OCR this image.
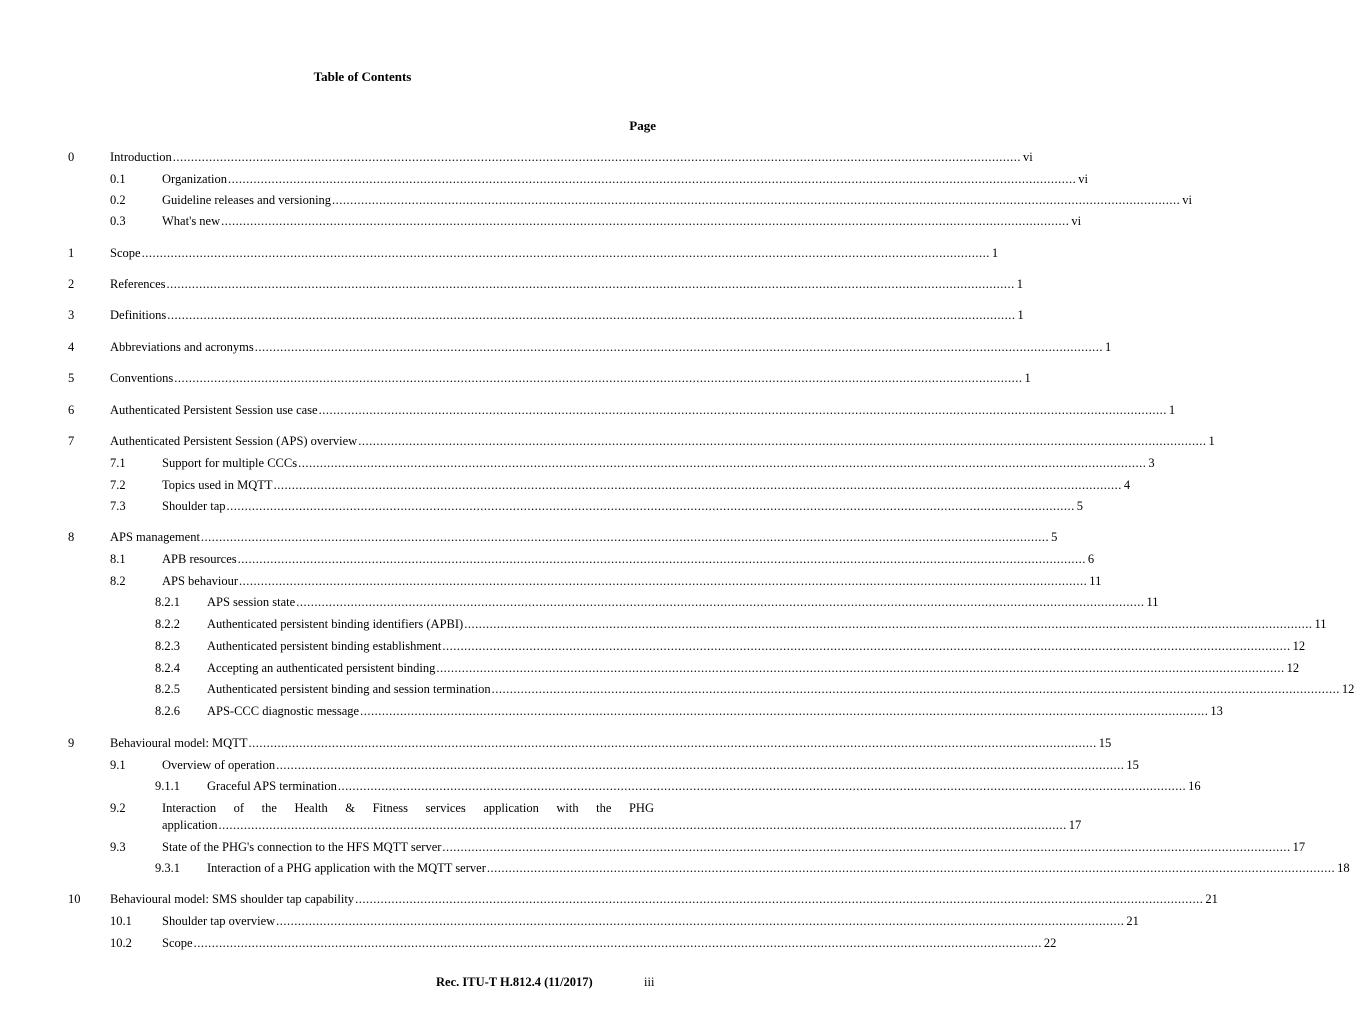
Table of Contents
Page
0	Introduction .......................................................................................................................................................................................................................................... vi
0.1	Organization .......................................................................................................................................................................................................................................... vi
0.2	Guideline releases and versioning .......................................................................................................................................................................................................................................... vi
0.3	What's new .......................................................................................................................................................................................................................................... vi
1	Scope .......................................................................................................................................................................................................................................... 1
2	References .......................................................................................................................................................................................................................................... 1
3	Definitions .......................................................................................................................................................................................................................................... 1
4	Abbreviations and acronyms .......................................................................................................................................................................................................................................... 1
5	Conventions .......................................................................................................................................................................................................................................... 1
6	Authenticated Persistent Session use case .......................................................................................................................................................................................................................................... 1
7	Authenticated Persistent Session (APS) overview .......................................................................................................................................................................................................................................... 1
7.1	Support for multiple CCCs .......................................................................................................................................................................................................................................... 3
7.2	Topics used in MQTT .......................................................................................................................................................................................................................................... 4
7.3	Shoulder tap .......................................................................................................................................................................................................................................... 5
8	APS management .......................................................................................................................................................................................................................................... 5
8.1	APB resources .......................................................................................................................................................................................................................................... 6
8.2	APS behaviour .......................................................................................................................................................................................................................................... 11
8.2.1 APS session state .......................................................................................................................................................................................................................................... 11
8.2.2 Authenticated persistent binding identifiers (APBI) .......................................................................................................................................................................................................................................... 11
8.2.3 Authenticated persistent binding establishment .......................................................................................................................................................................................................................................... 12
8.2.4 Accepting an authenticated persistent binding .......................................................................................................................................................................................................................................... 12
8.2.5 Authenticated persistent binding and session termination .......................................................................................................................................................................................................................................... 12
8.2.6 APS-CCC diagnostic message .......................................................................................................................................................................................................................................... 13
9	Behavioural model: MQTT .......................................................................................................................................................................................................................................... 15
9.1	Overview of operation .......................................................................................................................................................................................................................................... 15
9.1.1 Graceful APS termination .......................................................................................................................................................................................................................................... 16
9.2	Interaction of the Health & Fitness services application with the PHG
application .......................................................................................................................................................................................................................................... 17
9.3	State of the PHG's connection to the HFS MQTT server .......................................................................................................................................................................................................................................... 17
9.3.1 Interaction of a PHG application with the MQTT server .......................................................................................................................................................................................................................................... 18
10 Behavioural model: SMS shoulder tap capability .......................................................................................................................................................................................................................................... 21
10.1 Shoulder tap overview .......................................................................................................................................................................................................................................... 21
10.2 Scope .......................................................................................................................................................................................................................................... 22
Rec. ITU-T H.812.4 (11/2017)	iii
